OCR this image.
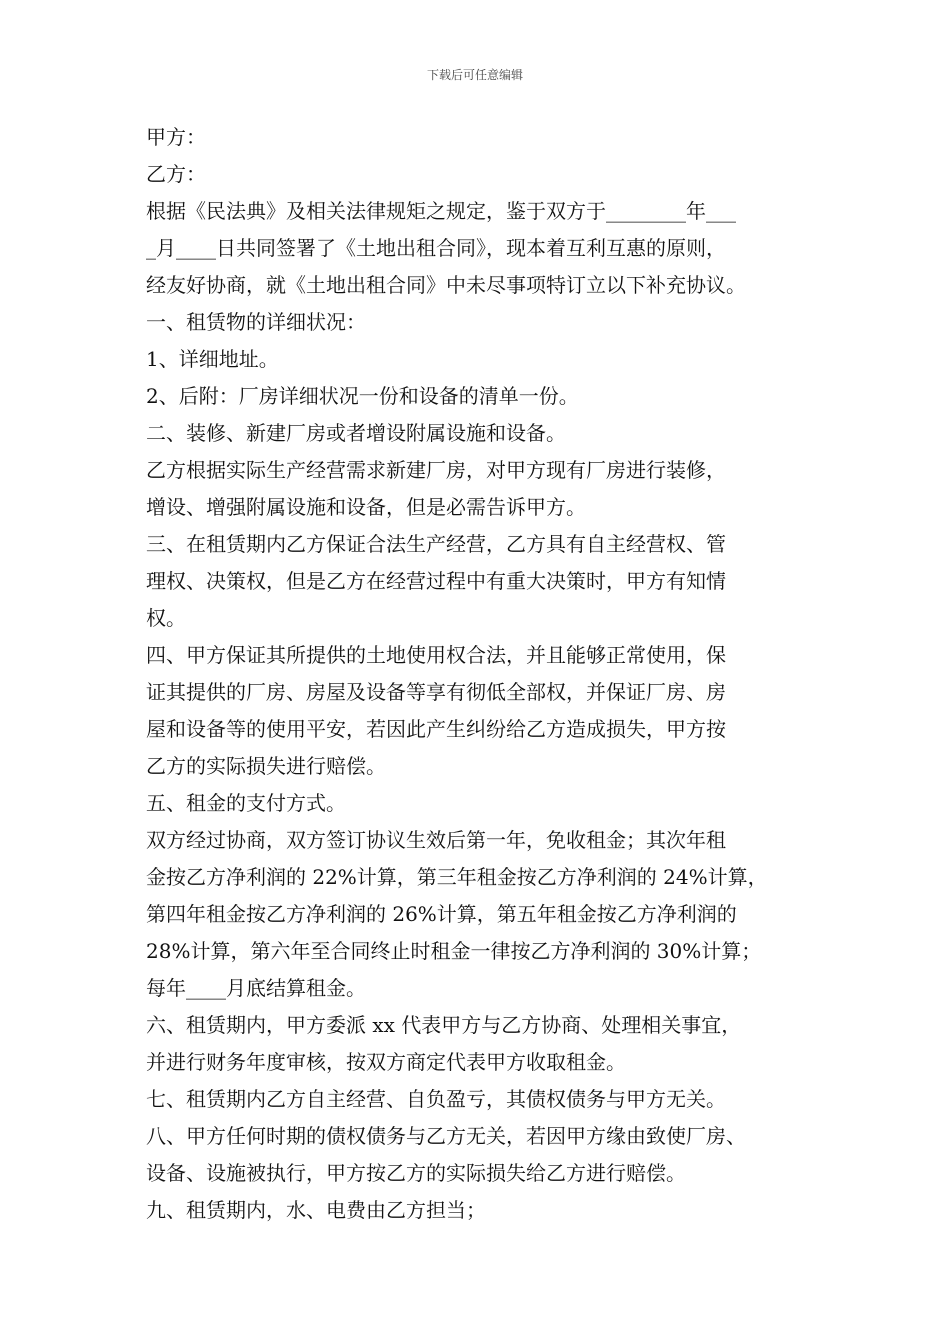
下载后可任意编辑
甲方：
乙方：
根据《民法典》及相关法律规矩之规定，鉴于双方于________年___
_月____日共同签署了《土地出租合同》，现本着互利互惠的原则，
经友好协商，就《土地出租合同》中未尽事项特订立以下补充协议。
一、租赁物的详细状况：
1、详细地址。
2、后附：厂房详细状况一份和设备的清单一份。
二、装修、新建厂房或者增设附属设施和设备。
乙方根据实际生产经营需求新建厂房，对甲方现有厂房进行装修，
增设、增强附属设施和设备，但是必需告诉甲方。
三、在租赁期内乙方保证合法生产经营，乙方具有自主经营权、管
理权、决策权，但是乙方在经营过程中有重大决策时，甲方有知情
权。
四、甲方保证其所提供的土地使用权合法，并且能够正常使用，保
证其提供的厂房、房屋及设备等享有彻低全部权，并保证厂房、房
屋和设备等的使用平安，若因此产生纠纷给乙方造成损失，甲方按
乙方的实际损失进行赔偿。
五、租金的支付方式。
双方经过协商，双方签订协议生效后第一年，免收租金；其次年租
金按乙方净利润的 22%计算，第三年租金按乙方净利润的 24%计算，
第四年租金按乙方净利润的 26%计算，第五年租金按乙方净利润的
28%计算，第六年至合同终止时租金一律按乙方净利润的 30%计算；
每年____月底结算租金。
六、租赁期内，甲方委派 xx 代表甲方与乙方协商、处理相关事宜，
并进行财务年度审核，按双方商定代表甲方收取租金。
七、租赁期内乙方自主经营、自负盈亏，其债权债务与甲方无关。
八、甲方任何时期的债权债务与乙方无关，若因甲方缘由致使厂房、
设备、设施被执行，甲方按乙方的实际损失给乙方进行赔偿。
九、租赁期内，水、电费由乙方担当；
